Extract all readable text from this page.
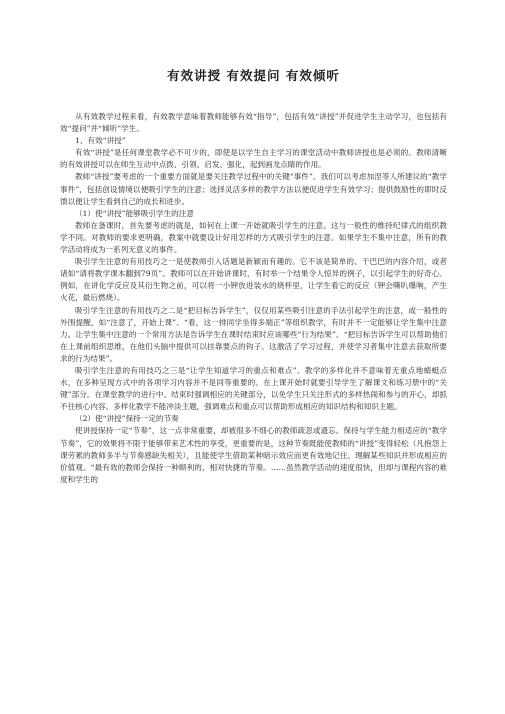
有效讲授 有效提问 有效倾听

从有效教学过程来看，有效教学意味着教师能够有效“指导”，包括有效“讲授”并促进学生主动学习，也包括有效“提问”并“倾听”学生。

1、有效“讲授”

有效“讲授”是任何课堂教学必不可少的，即使是以学生自主学习的课堂活动中教师讲授也是必须的。教师清晰的有效讲授可以在师生互动中点拨、引领、启发、强化，起到画龙点睛的作用。

教师“讲授”要考虑的一个重要方面就是要关注教学过程中的关键“事件”。我们可以考虑加涅等人所建议的“教学事件”，包括创设情境以便吸引学生的注意；选择灵活多样的教学方法以便促进学生有效学习；提供鼓励性的即时反馈以便让学生看到自己的成长和进步。

（1）使“讲授”能够吸引学生的注意

教师在备课时，首先要考虑的就是，如何在上课一开始就吸引学生的注意。这与一般性的维持纪律式的组织教学不同。对教师的要求更明确，教案中就要设计好用怎样的方式吸引学生的注意。如果学生不集中注意，所有的教学活动将成为一系列无意义的事件。

吸引学生注意的有用技巧之一是使教师引入话题是新颖而有趣的。它不该是简单的、干巴巴的内容介绍，或者诸如“请将教学课本翻到79页”。教师可以在开始讲课时，有时举一个结果令人惊异的例子，以引起学生的好奇心。例如，在讲化学反应及其衍生物之前，可以将一小钾放进装水的烧杯里，让学生看它的反应（钾会嘶叭爆响，产生火花，最后燃烧）。

吸引学生注意的有用技巧之二是“把目标告诉学生”，仅仅用某些吸引注意的手法引起学生的注意，或一般性的外围提醒，如“注意了，开始上课”、“看，这一排同学坐得多端正”等组织教学，有时并不一定能够让学生集中注意力。让学生集中注意的一个常用方法是告诉学生在课时结束时应该哪些“行为结果”。“把目标告诉学生可以帮助他们在上课前组织思维，在他们头脑中提供可以挂靠要点的钩子。这激活了学习过程，并使学习者集中注意去获取所要求的行为结果”。

吸引学生注意的有用技巧之三是“让学生知道学习的重点和难点”。教学的多样化并不意味着无重点地蜻蜓点水，在多种呈现方式中的各项学习内容并不是同等重要的。在上课开始时就要引导学生了解课文和练习册中的“关键”部分。在课堂教学的进行中、结束时强调相应的关键部分，以免学生只关注形式的多样热闹和参与的开心，却抓不住核心内容。多样化教学不能冲淡主题，强调难点和重点可以帮助形成相应的知识结构和知识主题。

（2）使“讲授”保持一定的节奏

使讲授保持一定“节奏”，这一点非常重要，却被很多不细心的教师疏忽或遗忘。保持与学生能力相适应的“教学节奏”，它的效果将不限于能够带来艺术性的享受，更重要的是，这种节奏既能使教师的“讲授”变得轻松（凡抱怨上课劳累的教师多半与节奏感缺失相关），且能使学生借助某种暗示效应而更有效地记住、理解某些知识并形成相应的价值观。“最有效的教师会保持一种顺利的、相对快捷的节奏。……虽然教学活动的速度很快，但却与课程内容的难度和学生的
